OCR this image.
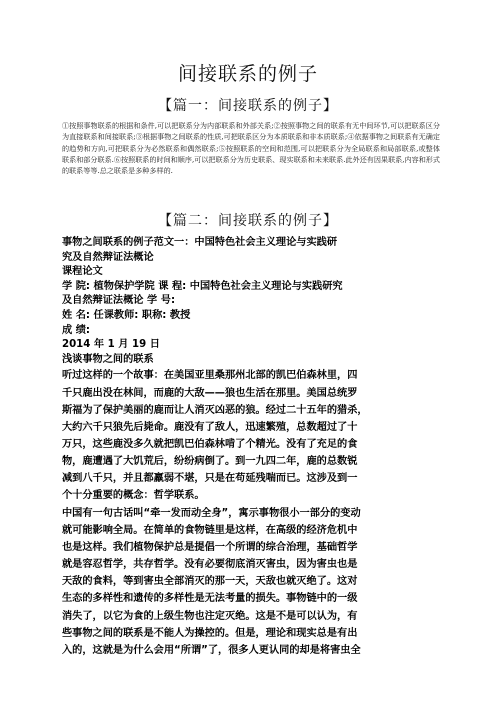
间接联系的例子
【篇一：间接联系的例子】

①按照事物联系的根据和条件,可以把联系分为内部联系和外部关系;②按照事物之间的联系有无中间环节,可以把联系区分为直接联系和间接联系;③根据事物之间联系的性质,可把联系区分为本质联系和非本质联系;④依据事物之间联系有无确定的趋势和方向,可把联系分为必然联系和偶然联系;⑤按照联系的空间和范围,可以把联系分为全局联系和局部联系,或整体联系和部分联系.⑥按照联系的时间和顺序,可以把联系分为历史联系、现实联系和未来联系.此外还有因果联系,内容和形式的联系等等.总之联系是多种多样的.

【篇二：间接联系的例子】

事物之间联系的例子范文一：中国特色社会主义理论与实践研

究及自然辩证法概论

课程论文

学 院: 植物保护学院 课 程: 中国特色社会主义理论与实践研究

及自然辩证法概论 学 号:

姓 名: 任课教师: 职称: 教授

成 绩:

2014 年 1 月 19 日

浅谈事物之间的联系

听过这样的一个故事：在美国亚里桑那州北部的凯巴伯森林里，四
千只鹿出没在林间，而鹿的大敌——狼也生活在那里。美国总统罗
斯福为了保护美丽的鹿而让人消灭凶恶的狼。经过二十五年的猎杀，
大约六千只狼先后毙命。鹿没有了敌人，迅速繁殖，总数超过了十
万只，这些鹿没多久就把凯巴伯森林啃了个精光。没有了充足的食
物，鹿遭遇了大饥荒后，纷纷病倒了。到一九四二年，鹿的总数锐
减到八千只，并且都羸弱不堪，只是在苟延残喘而已。这涉及到一
个十分重要的概念：哲学联系。

中国有一句古话叫“牵一发而动全身”，寓示事物很小一部分的变动
就可能影响全局。在简单的食物链里是这样，在高级的经济危机中
也是这样。我们植物保护总是提倡一个所谓的综合治理，基础哲学
就是容忍哲学，共存哲学。没有必要彻底消灭害虫，因为害虫也是
天敌的食料，等到害虫全部消灭的那一天，天敌也就灭绝了。这对
生态的多样性和遗传的多样性是无法考量的损失。事物链中的一级
消失了，以它为食的上级生物也注定灭绝。这是不是可以认为，有
些事物之间的联系是不能人为操控的。但是，理论和现实总是有出
入的，这就是为什么会用“所谓”了，很多人更认同的却是将害虫全
